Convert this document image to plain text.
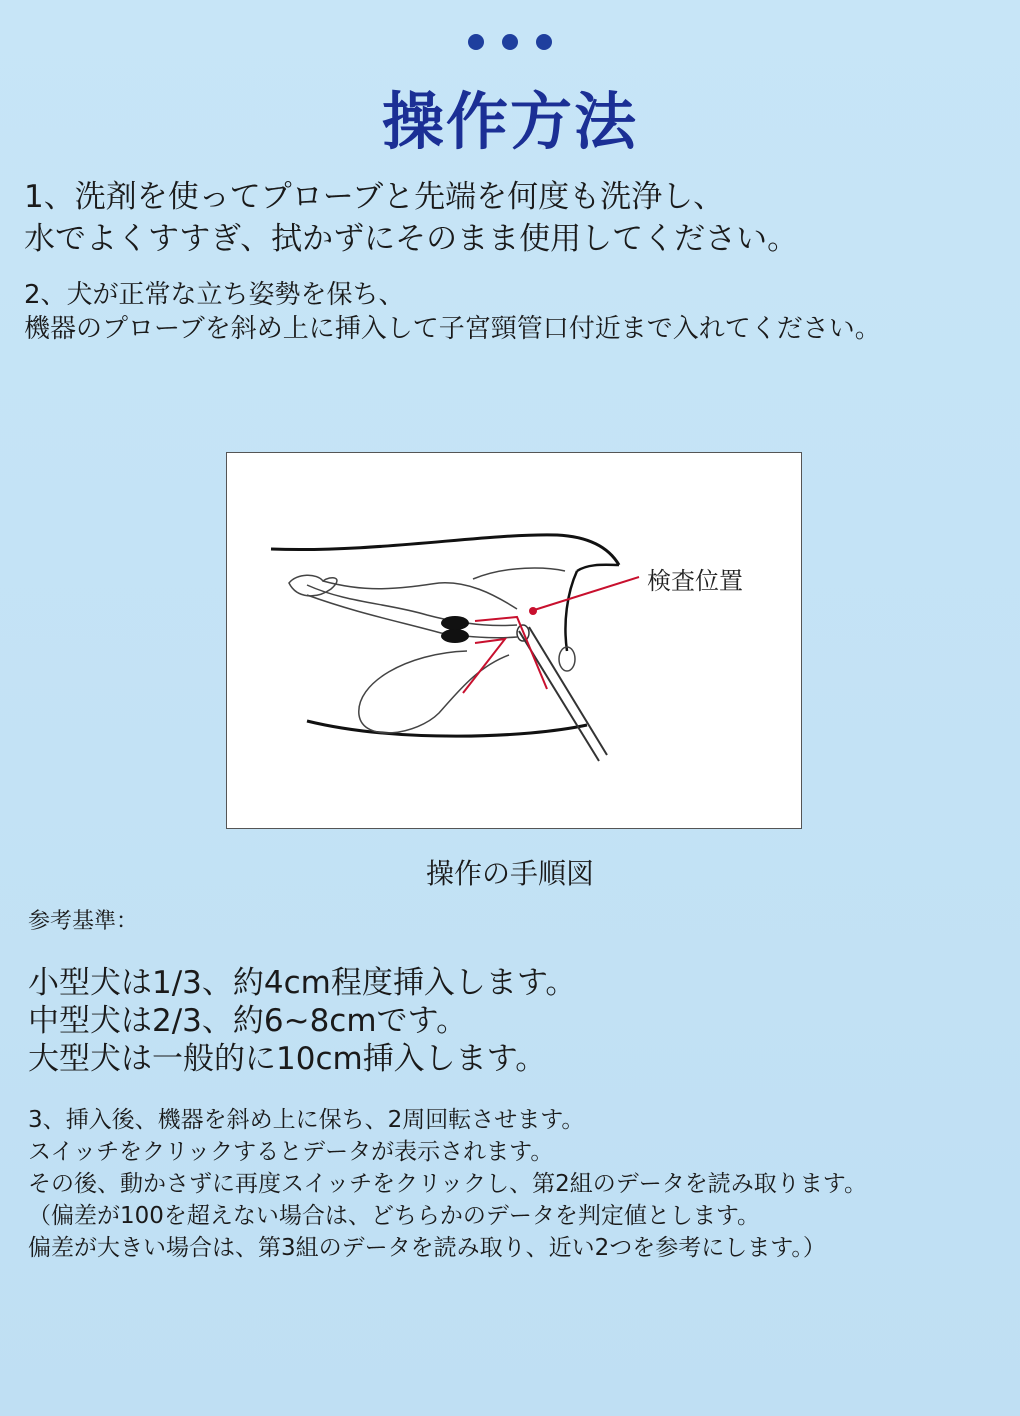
操作方法
1、洗剤を使ってプローブと先端を何度も洗浄し、
水でよくすすぎ、拭かずにそのまま使用してください。
2、犬が正常な立ち姿勢を保ち、
機器のプローブを斜め上に挿入して子宮頸管口付近まで入れてください。
検査位置
操作の手順図
参考基準：
小型犬は1/3、約4cm程度挿入します。
中型犬は2/3、約6~8cmです。
大型犬は一般的に10cm挿入します。
3、挿入後、機器を斜め上に保ち、2周回転させます。
スイッチをクリックするとデータが表示されます。
その後、動かさずに再度スイッチをクリックし、第2組のデータを読み取ります。
（偏差が100を超えない場合は、どちらかのデータを判定値とします。
偏差が大きい場合は、第3組のデータを読み取り、近い2つを参考にします。）
